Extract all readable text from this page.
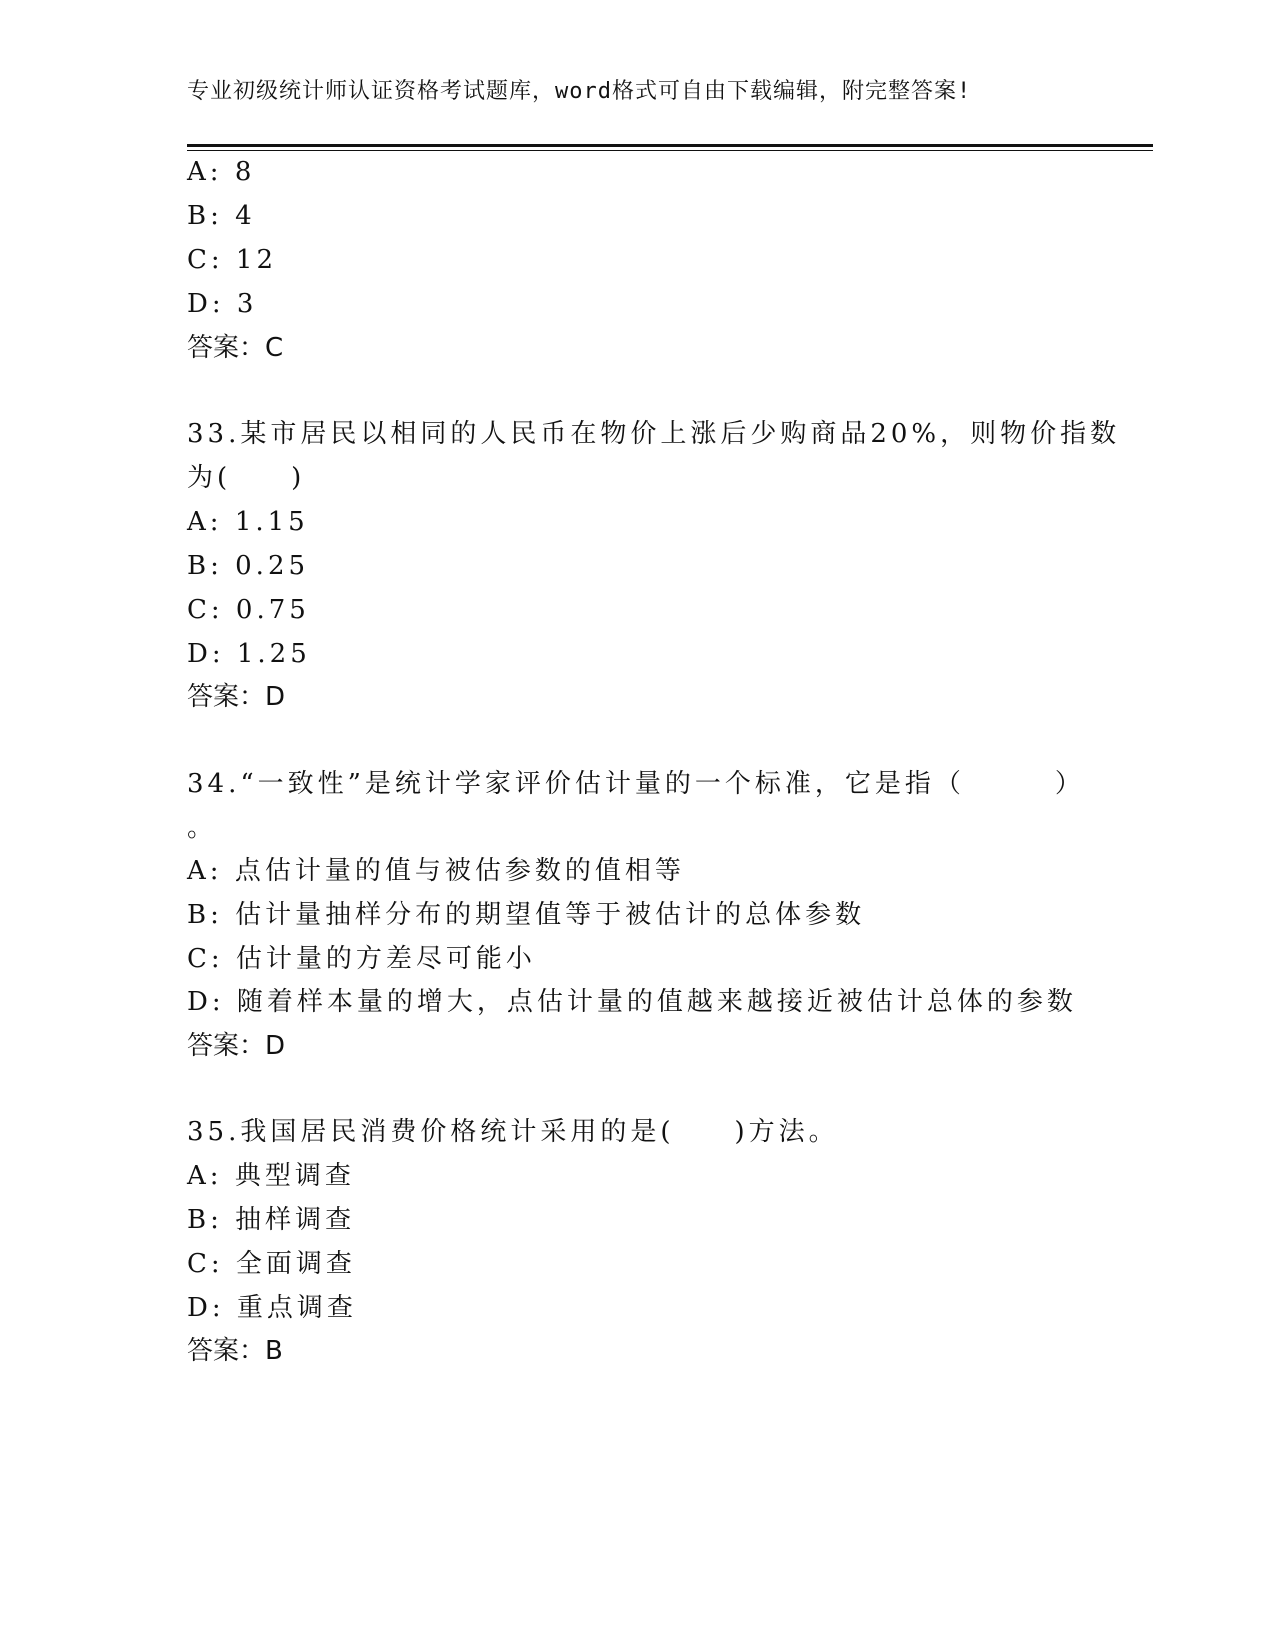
专业初级统计师认证资格考试题库，word格式可自由下载编辑，附完整答案!
A: 8
B: 4
C: 12
D: 3
答案：C
33.某市居民以相同的人民币在物价上涨后少购商品20%，则物价指数
为(　　)
A: 1.15
B: 0.25
C: 0.75
D: 1.25
答案：D
34.“一致性”是统计学家评价估计量的一个标准，它是指（　　　）
。
A: 点估计量的值与被估参数的值相等
B: 估计量抽样分布的期望值等于被估计的总体参数
C: 估计量的方差尽可能小
D: 随着样本量的增大，点估计量的值越来越接近被估计总体的参数
答案：D
35.我国居民消费价格统计采用的是(　　)方法。
A: 典型调查
B: 抽样调查
C: 全面调查
D: 重点调查
答案：B
